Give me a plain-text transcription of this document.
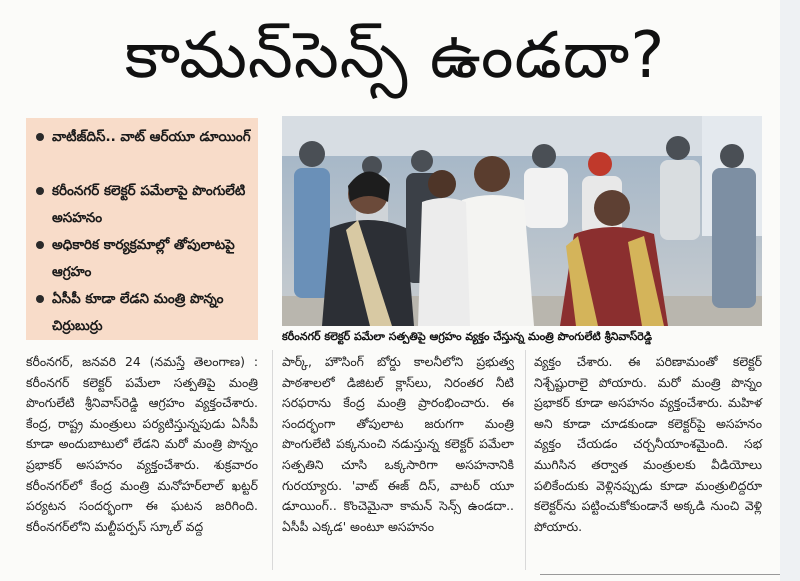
కామన్‌సెన్స్ ఉండదా?
వాటీజ్‌దిస్.. వాట్ ఆర్‌యూ డూయింగ్
కరీంనగర్ కలెక్టర్ పమేలాపై పొంగులేటి అసహనం
అధికారిక కార్యక్రమాల్లో తోపులాటపై ఆగ్రహం
ఏసీపీ కూడా లేడని మంత్రి పొన్నం చిర్రుబుర్రు
కరీంనగర్ కలెక్టర్ పమేలా సత్పతిపై ఆగ్రహం వ్యక్తం చేస్తున్న మంత్రి పొంగులేటి శ్రీనివాస్‌రెడ్డి
కరీంనగర్, జనవరి 24 (నమస్తే తెలంగాణ) : కరీంనగర్ కలెక్టర్ పమేలా సత్పతిపై మంత్రి పొంగులేటి శ్రీనివాస్‌రెడ్డి ఆగ్రహం వ్యక్తంచేశారు. కేంద్ర, రాష్ట్ర మంత్రులు పర్యటిస్తున్నపుడు ఏసీపీ కూడా అందుబాటులో లేడని మరో మంత్రి పొన్నం ప్రభాకర్ అసహనం వ్యక్తంచేశారు. శుక్రవారం కరీంనగర్‌లో కేంద్ర మంత్రి మనోహర్‌లాల్ ఖట్టర్ పర్యటన సందర్భంగా ఈ ఘటన జరిగింది. కరీంనగర్‌లోని మల్టీపర్పస్ స్కూల్ వద్ద
పార్క్, హౌసింగ్ బోర్డు కాలనీలోని ప్రభుత్వ పాఠశాలలో డిజిటల్ క్లాస్‌లు, నిరంతర నీటి సరఫరాను కేంద్ర మంత్రి ప్రారంభించారు. ఈ సందర్భంగా తోపులాట జరుగగా మంత్రి పొంగులేటి పక్కనుంచి నడుస్తున్న కలెక్టర్ పమేలా సత్పతిని చూసి ఒక్కసారిగా అసహనానికి గురయ్యారు. 'వాట్ ఈజ్ దిస్, వాటర్ యూ డూయింగ్.. కొంచెమైనా కామన్ సెన్స్ ఉండదా.. ఏసీపీ ఎక్కడ' అంటూ అసహనం
వ్యక్తం చేశారు. ఈ పరిణామంతో కలెక్టర్ నిశ్చేష్టురాలై పోయారు. మరో మంత్రి పొన్నం ప్రభాకర్ కూడా అసహనం వ్యక్తంచేశారు. మహిళ అని కూడా చూడకుండా కలెక్టర్‌పై అసహనం వ్యక్తం చేయడం చర్చనీయాంశమైంది. సభ ముగిసిన తర్వాత మంత్రులకు వీడియోలు పలికేందుకు వెళ్లినప్పుడు కూడా మంత్రులిద్దరూ కలెక్టర్‌ను పట్టించుకోకుండానే అక్కడి నుంచి వెళ్లి పోయారు.
